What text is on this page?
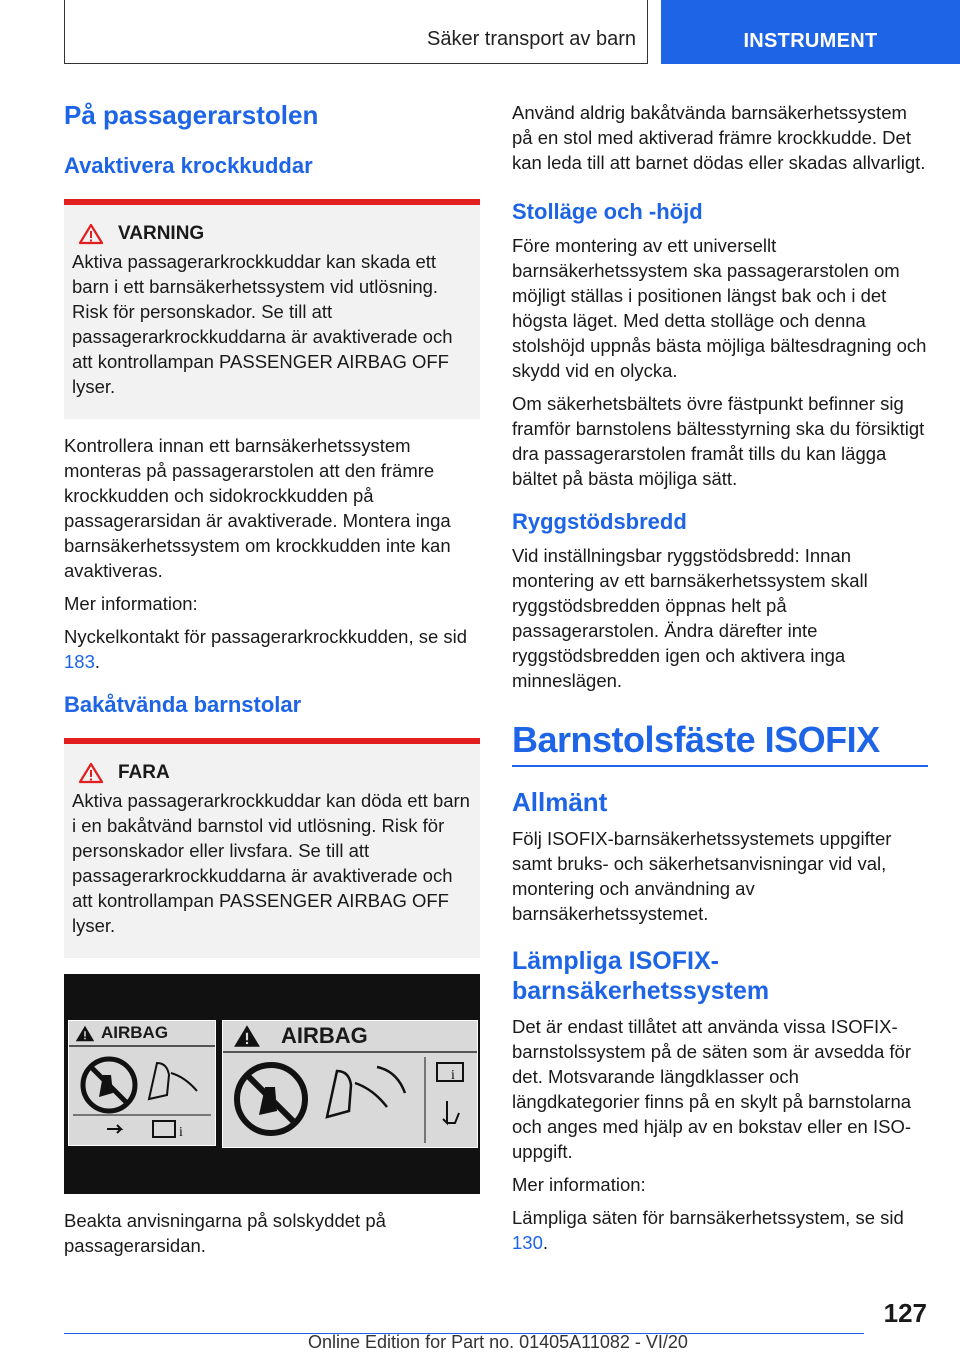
Säker transport av barn	INSTRUMENT
På passagerarstolen
Avaktivera krockkuddar
VARNING
Aktiva passagerarkrockkuddar kan skada ett barn i ett barnsäkerhetssystem vid utlösning. Risk för personskador. Se till att passagerarkrockkuddarna är avaktiverade och att kontrollampan PASSENGER AIRBAG OFF lyser.

Kontrollera innan ett barnsäkerhetssystem monteras på passagerarstolen att den främre krockkudden och sidokrockkudden på passagerarsidan är avaktiverade. Montera inga barnsäkerhetssystem om krockkudden inte kan avaktiveras.

Mer information:

Nyckelkontakt för passagerarkrockkudden, se sid 183.

Bakåtvända barnstolar
FARA
Aktiva passagerarkrockkuddar kan döda ett barn i en bakåtvänd barnstol vid utlösning. Risk för personskador eller livsfara. Se till att passagerarkrockkuddarna är avaktiverade och att kontrollampan PASSENGER AIRBAG OFF lyser.
AIRBAG
i
AIRBAG
i

Beakta anvisningarna på solskyddet på passagerarsidan.

Använd aldrig bakåtvända barnsäkerhetssystem på en stol med aktiverad främre krockkudde. Det kan leda till att barnet dödas eller skadas allvarligt.

Stolläge och -höjd

Före montering av ett universellt barnsäkerhetssystem ska passagerarstolen om möjligt ställas i positionen längst bak och i det högsta läget. Med detta stolläge och denna stolshöjd uppnås bästa möjliga bältesdragning och skydd vid en olycka.

Om säkerhetsbältets övre fästpunkt befinner sig framför barnstolens bältesstyrning ska du försiktigt dra passagerarstolen framåt tills du kan lägga bältet på bästa möjliga sätt.

Ryggstödsbredd

Vid inställningsbar ryggstödsbredd: Innan montering av ett barnsäkerhetssystem skall ryggstödsbredden öppnas helt på passagerarstolen. Ändra därefter inte ryggstödsbredden igen och aktivera inga minneslägen.

Barnstolsfäste ISOFIX
Allmänt

Följ ISOFIX-barnsäkerhetssystemets uppgifter samt bruks- och säkerhetsanvisningar vid val, montering och användning av barnsäkerhetssystemet.

Lämpliga ISOFIX-barnsäkerhetssystem

Det är endast tillåtet att använda vissa ISOFIX-barnstolssystem på de säten som är avsedda för det. Motsvarande längdklasser och längdkategorier finns på en skylt på barnstolarna och anges med hjälp av en bokstav eller en ISO-uppgift.

Mer information:

Lämpliga säten för barnsäkerhetssystem, se sid 130.

127
Online Edition for Part no. 01405A11082 - VI/20
